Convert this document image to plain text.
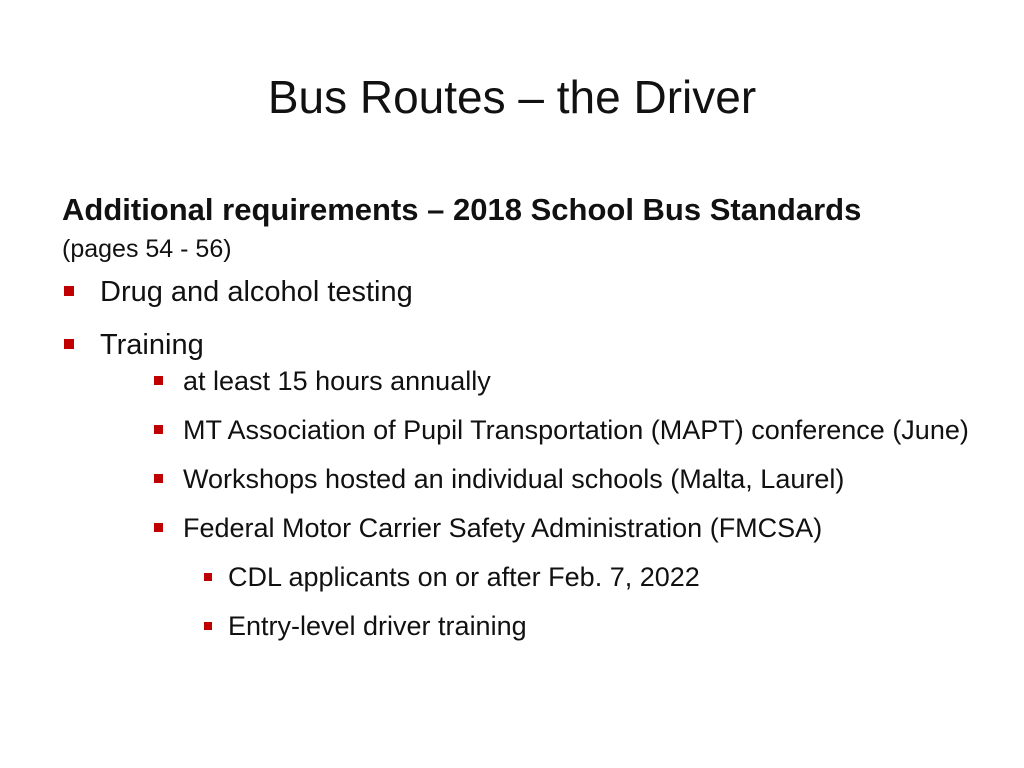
Bus Routes – the Driver

Additional requirements – 2018 School Bus Standards

(pages 54 - 56)

Drug and alcohol testing
Training
at least 15 hours annually
MT Association of Pupil Transportation (MAPT) conference (June)
Workshops hosted an individual schools (Malta, Laurel)
Federal Motor Carrier Safety Administration (FMCSA)
CDL applicants on or after Feb. 7, 2022
Entry-level driver training
